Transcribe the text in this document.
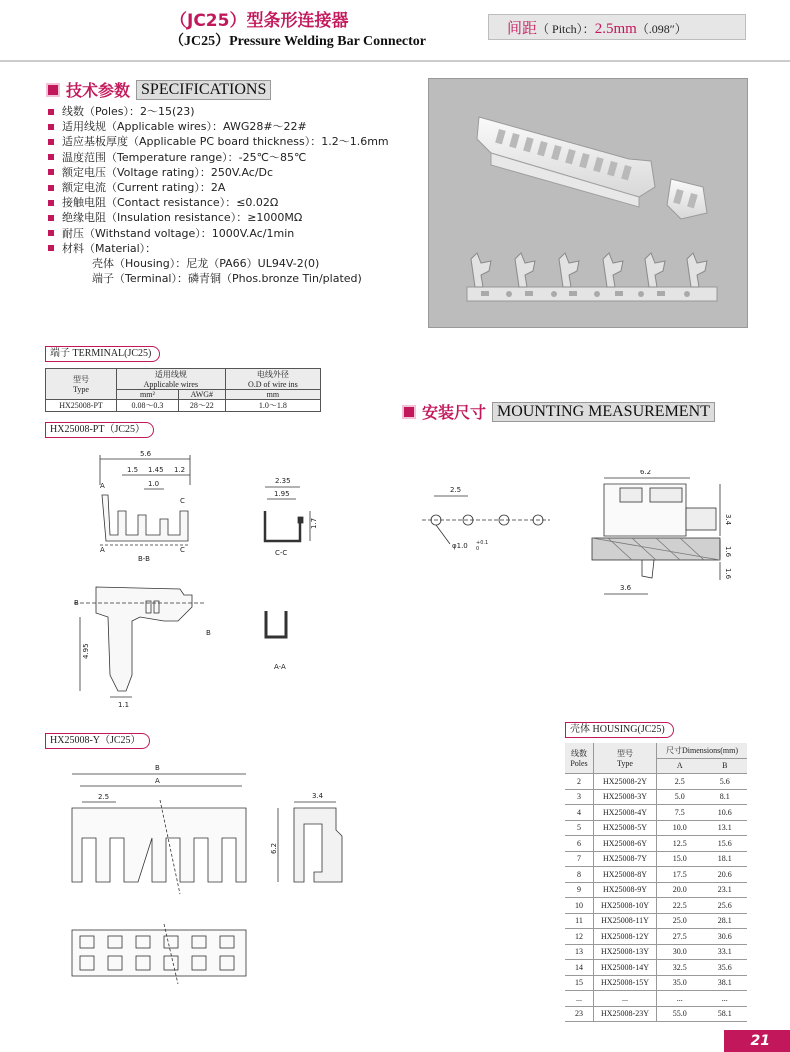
（JC25）型条形连接器
（JC25）Pressure Welding Bar Connector
间距（ Pitch）：2.5mm（.098″）
技术参数 SPECIFICATIONS
线数（Poles）：2～15(23)
适用线规（Applicable wires）：AWG28#～22#
适应基板厚度（Applicable PC board thickness）：1.2～1.6mm
温度范围（Temperature range）：-25℃～85℃
额定电压（Voltage rating）：250V.Ac/Dc
额定电流（Current rating）：2A
接触电阻（Contact resistance）：≤0.02Ω
绝缘电阻（Insulation resistance）：≥1000MΩ
耐压（Withstand voltage）：1000V.Ac/1min
材料（Material）：
壳体（Housing）：尼龙（PA66）UL94V-2(0)
端子（Terminal）：磷青铜（Phos.bronze Tin/plated)
端子 TERMINAL(JC25)
型号
Type	适用线规
Applicable wires		电线外径
O.D of wire ins
	mm²	AWG#	mm
HX25008-PT	0.08～0.3	28～22	1.0～1.8
HX25008-PT（JC25）
5.6
1.5 1.45 1.2
1.0
A
C
A	C
B-B
2.35
1.95
1.7
C-C
B
B
4.95
1.1
A-A
HX25008-Y（JC25）
B
A
2.5	3.4
6.2
安装尺寸 MOUNTING MEASUREMENT
2.5
φ1.0 +0.1
0
6.2
3.4
1.6
1.6
3.6
壳体 HOUSING(JC25)
线数
Poles	型号
Type	尺寸Dimensions(mm)	
		A	B
2	HX25008-2Y	2.5	5.6
3	HX25008-3Y	5.0	8.1
4	HX25008-4Y	7.5	10.6
5	HX25008-5Y	10.0	13.1
6	HX25008-6Y	12.5	15.6
7	HX25008-7Y	15.0	18.1
8	HX25008-8Y	17.5	20.6
9	HX25008-9Y	20.0	23.1
10	HX25008-10Y	22.5	25.6
11	HX25008-11Y	25.0	28.1
12	HX25008-12Y	27.5	30.6
13	HX25008-13Y	30.0	33.1
14	HX25008-14Y	32.5	35.6
15	HX25008-15Y	35.0	38.1
...	...	...	...
23	HX25008-23Y	55.0	58.1
21
